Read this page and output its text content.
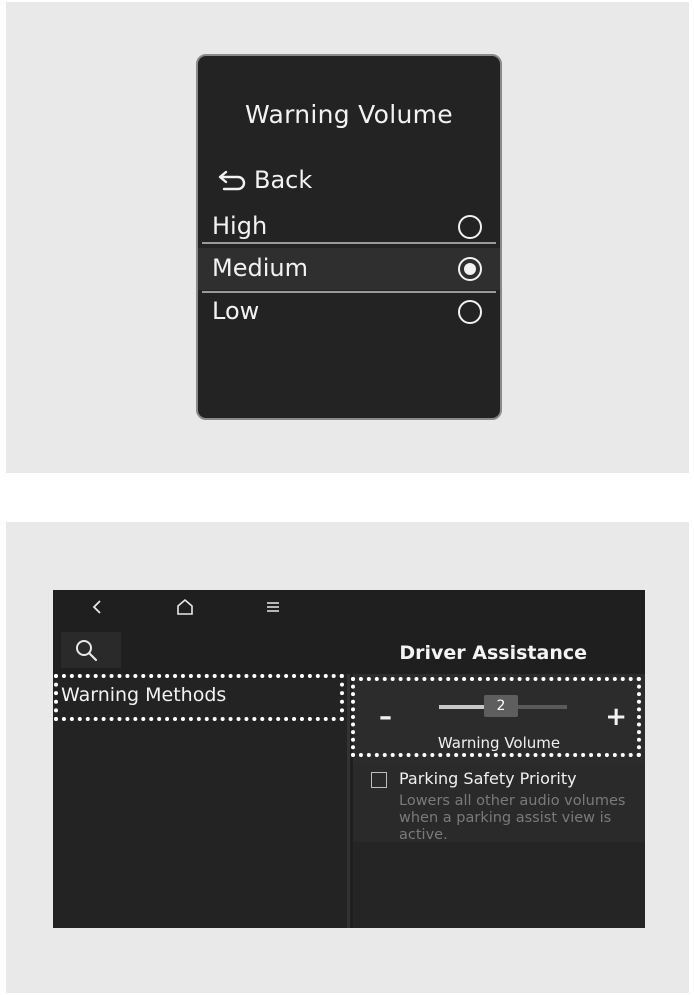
Warning Volume
Back
High
Medium
Low
Driver Assistance
Warning Methods
–	2	+
Warning Volume
Parking Safety Priority
Lowers all other audio volumes when a parking assist view is active.
